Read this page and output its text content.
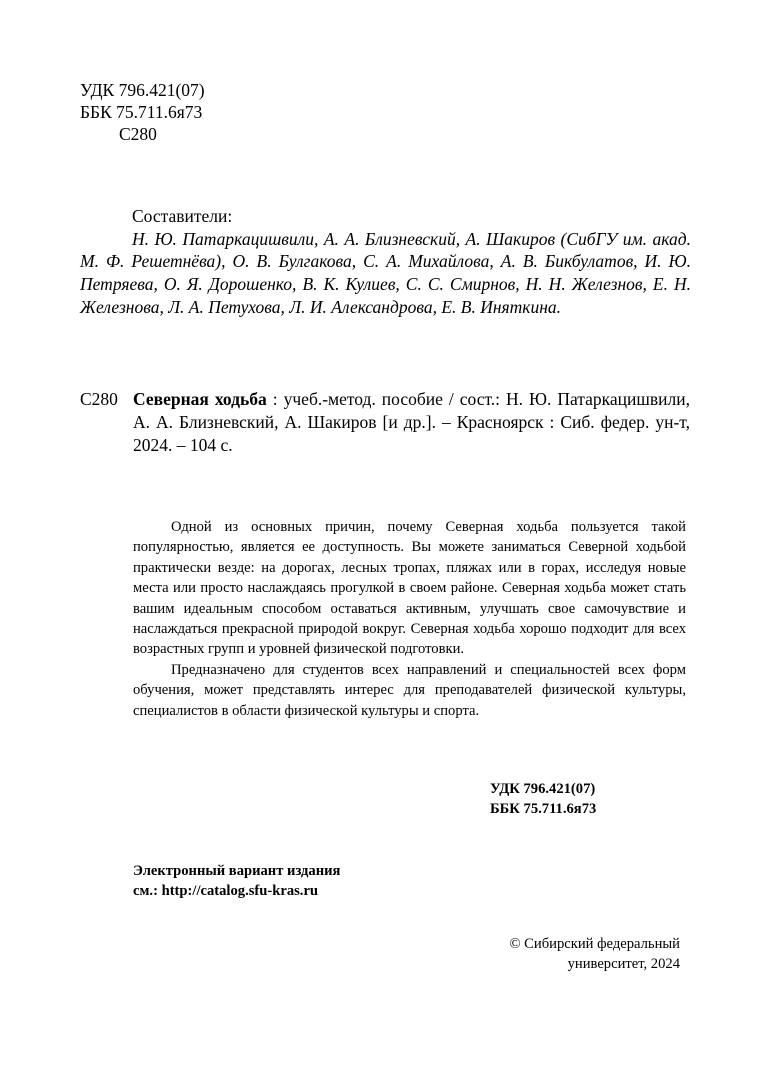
УДК 796.421(07)
ББК 75.711.6я73
С280
Составители:
Н. Ю. Патаркацишвили, А. А. Близневский, А. Шакиров (СибГУ им. акад. М. Ф. Решетнёва), О. В. Булгакова, С. А. Михайлова, А. В. Бикбулатов, И. Ю. Петряева, О. Я. Дорошенко, В. К. Кулиев, С. С. Смирнов, Н. Н. Железнов, Е. Н. Железнова, Л. А. Петухова, Л. И. Александрова, Е. В. Иняткина.
С280 Северная ходьба : учеб.-метод. пособие / сост.: Н. Ю. Патаркацишвили, А. А. Близневский, А. Шакиров [и др.]. – Красноярск : Сиб. федер. ун-т, 2024. – 104 с.

Одной из основных причин, почему Северная ходьба пользуется такой популярностью, является ее доступность. Вы можете заниматься Северной ходьбой практически везде: на дорогах, лесных тропах, пляжах или в горах, исследуя новые места или просто наслаждаясь прогулкой в своем районе. Северная ходьба может стать вашим идеальным способом оставаться активным, улучшать свое самочувствие и наслаждаться прекрасной природой вокруг. Северная ходьба хорошо подходит для всех возрастных групп и уровней физической подготовки.

Предназначено для студентов всех направлений и специальностей всех форм обучения, может представлять интерес для преподавателей физической культуры, специалистов в области физической культуры и спорта.

УДК 796.421(07)
ББК 75.711.6я73
Электронный вариант издания
см.: http://catalog.sfu-kras.ru
© Сибирский федеральный
университет, 2024
